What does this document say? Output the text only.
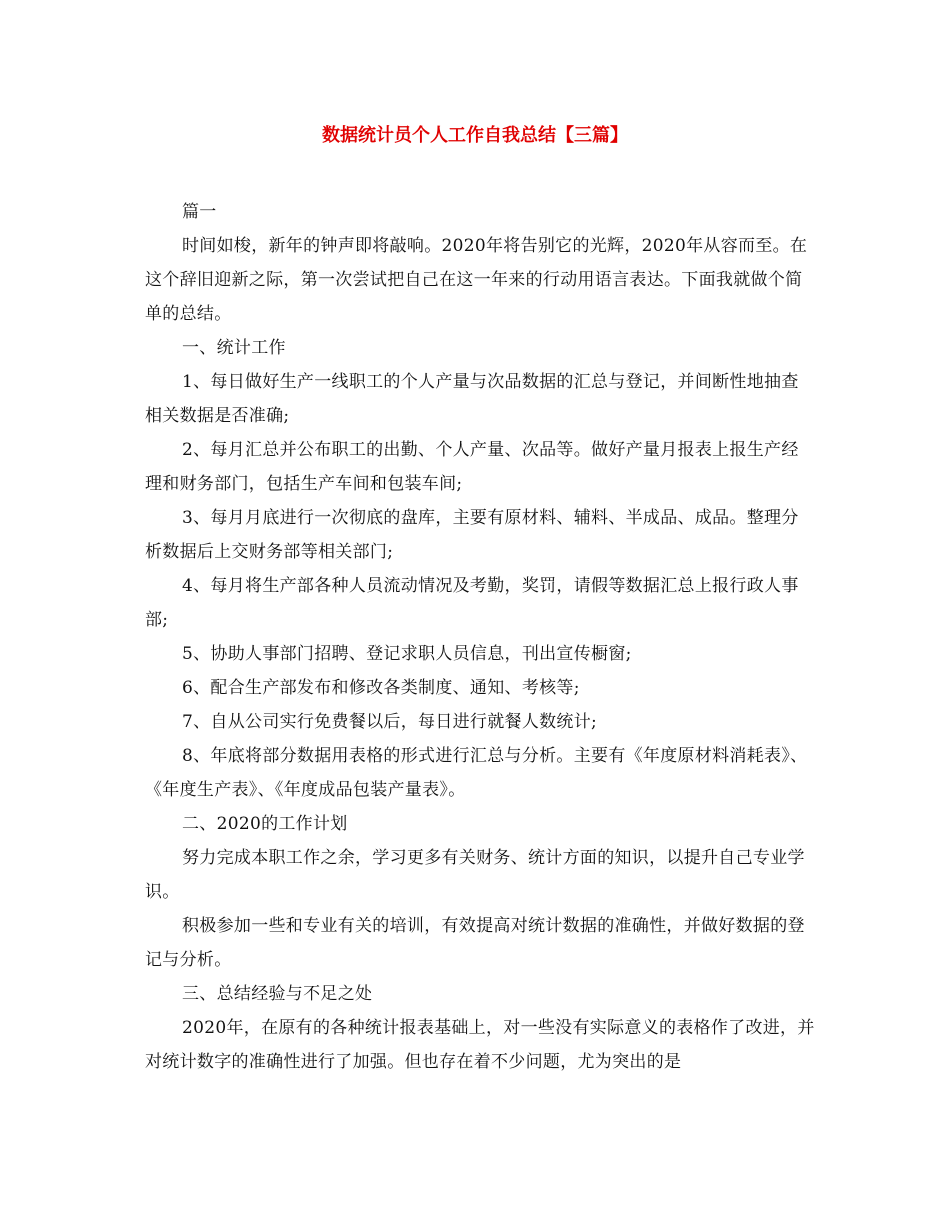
数据统计员个人工作自我总结【三篇】

篇一

时间如梭，新年的钟声即将敲响。2020年将告别它的光辉，2020年从容而至。在这个辞旧迎新之际，第一次尝试把自己在这一年来的行动用语言表达。下面我就做个简单的总结。

一、统计工作

1、每日做好生产一线职工的个人产量与次品数据的汇总与登记，并间断性地抽查相关数据是否准确;

2、每月汇总并公布职工的出勤、个人产量、次品等。做好产量月报表上报生产经理和财务部门，包括生产车间和包装车间;

3、每月月底进行一次彻底的盘库，主要有原材料、辅料、半成品、成品。整理分析数据后上交财务部等相关部门;

4、每月将生产部各种人员流动情况及考勤，奖罚，请假等数据汇总上报行政人事部;

5、协助人事部门招聘、登记求职人员信息，刊出宣传橱窗;

6、配合生产部发布和修改各类制度、通知、考核等;

7、自从公司实行免费餐以后，每日进行就餐人数统计;

8、年底将部分数据用表格的形式进行汇总与分析。主要有《年度原材料消耗表》、《年度生产表》、《年度成品包装产量表》。

二、2020的工作计划

努力完成本职工作之余，学习更多有关财务、统计方面的知识，以提升自己专业学识。

积极参加一些和专业有关的培训，有效提高对统计数据的准确性，并做好数据的登记与分析。

三、总结经验与不足之处

2020年，在原有的各种统计报表基础上，对一些没有实际意义的表格作了改进，并对统计数字的准确性进行了加强。但也存在着不少问题，尤为突出的是
